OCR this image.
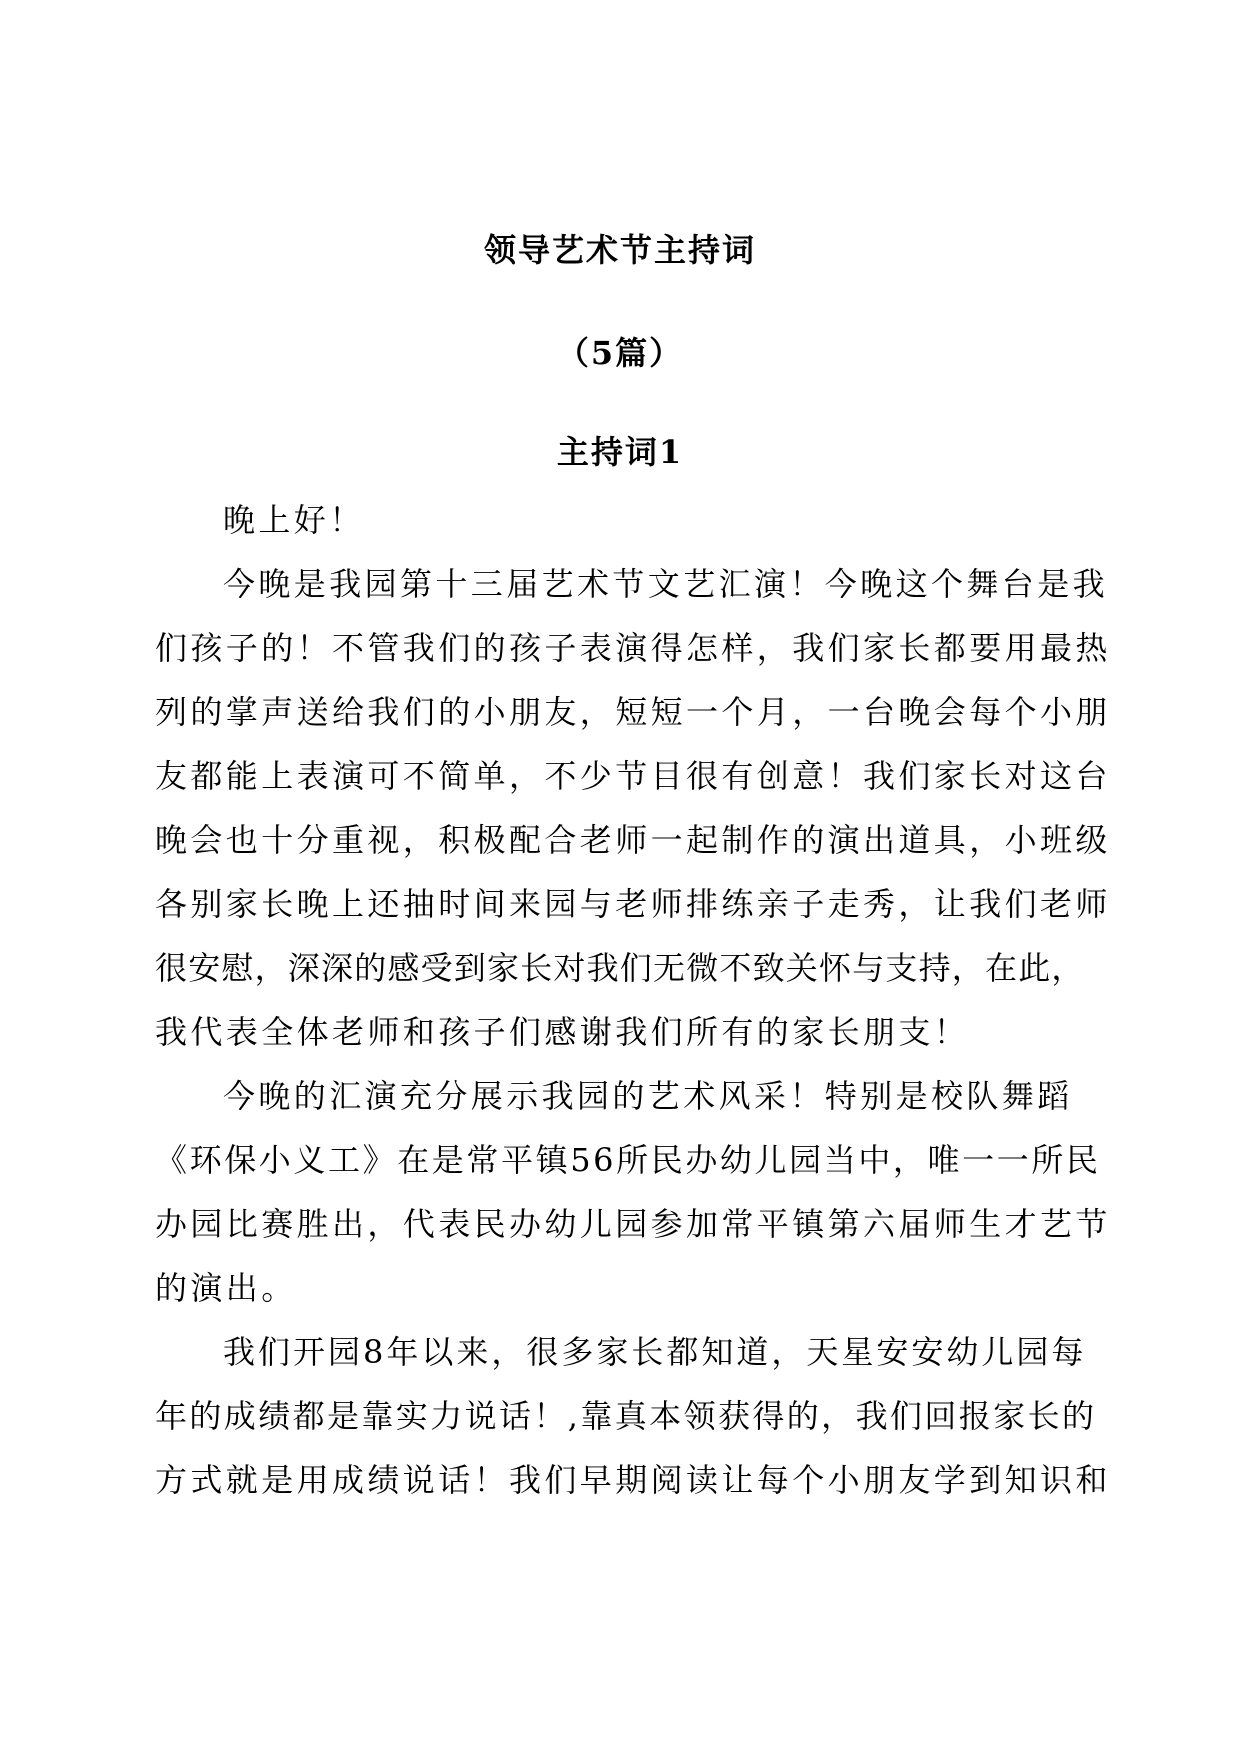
领导艺术节主持词
（5篇）
主持词1
晚上好！
今晚是我园第十三届艺术节文艺汇演！今晚这个舞台是我
们孩子的！不管我们的孩子表演得怎样，我们家长都要用最热
列的掌声送给我们的小朋友，短短一个月，一台晚会每个小朋
友都能上表演可不简单，不少节目很有创意！我们家长对这台
晚会也十分重视，积极配合老师一起制作的演出道具，小班级
各别家长晚上还抽时间来园与老师排练亲子走秀，让我们老师
很安慰，深深的感受到家长对我们无微不致关怀与支持，在此，
我代表全体老师和孩子们感谢我们所有的家长朋支！
今晚的汇演充分展示我园的艺术风采！特别是校队舞蹈
《环保小义工》在是常平镇56所民办幼儿园当中，唯一一所民
办园比赛胜出，代表民办幼儿园参加常平镇第六届师生才艺节
的演出。
我们开园8年以来，很多家长都知道，天星安安幼儿园每
年的成绩都是靠实力说话！,靠真本领获得的，我们回报家长的
方式就是用成绩说话！我们早期阅读让每个小朋友学到知识和
